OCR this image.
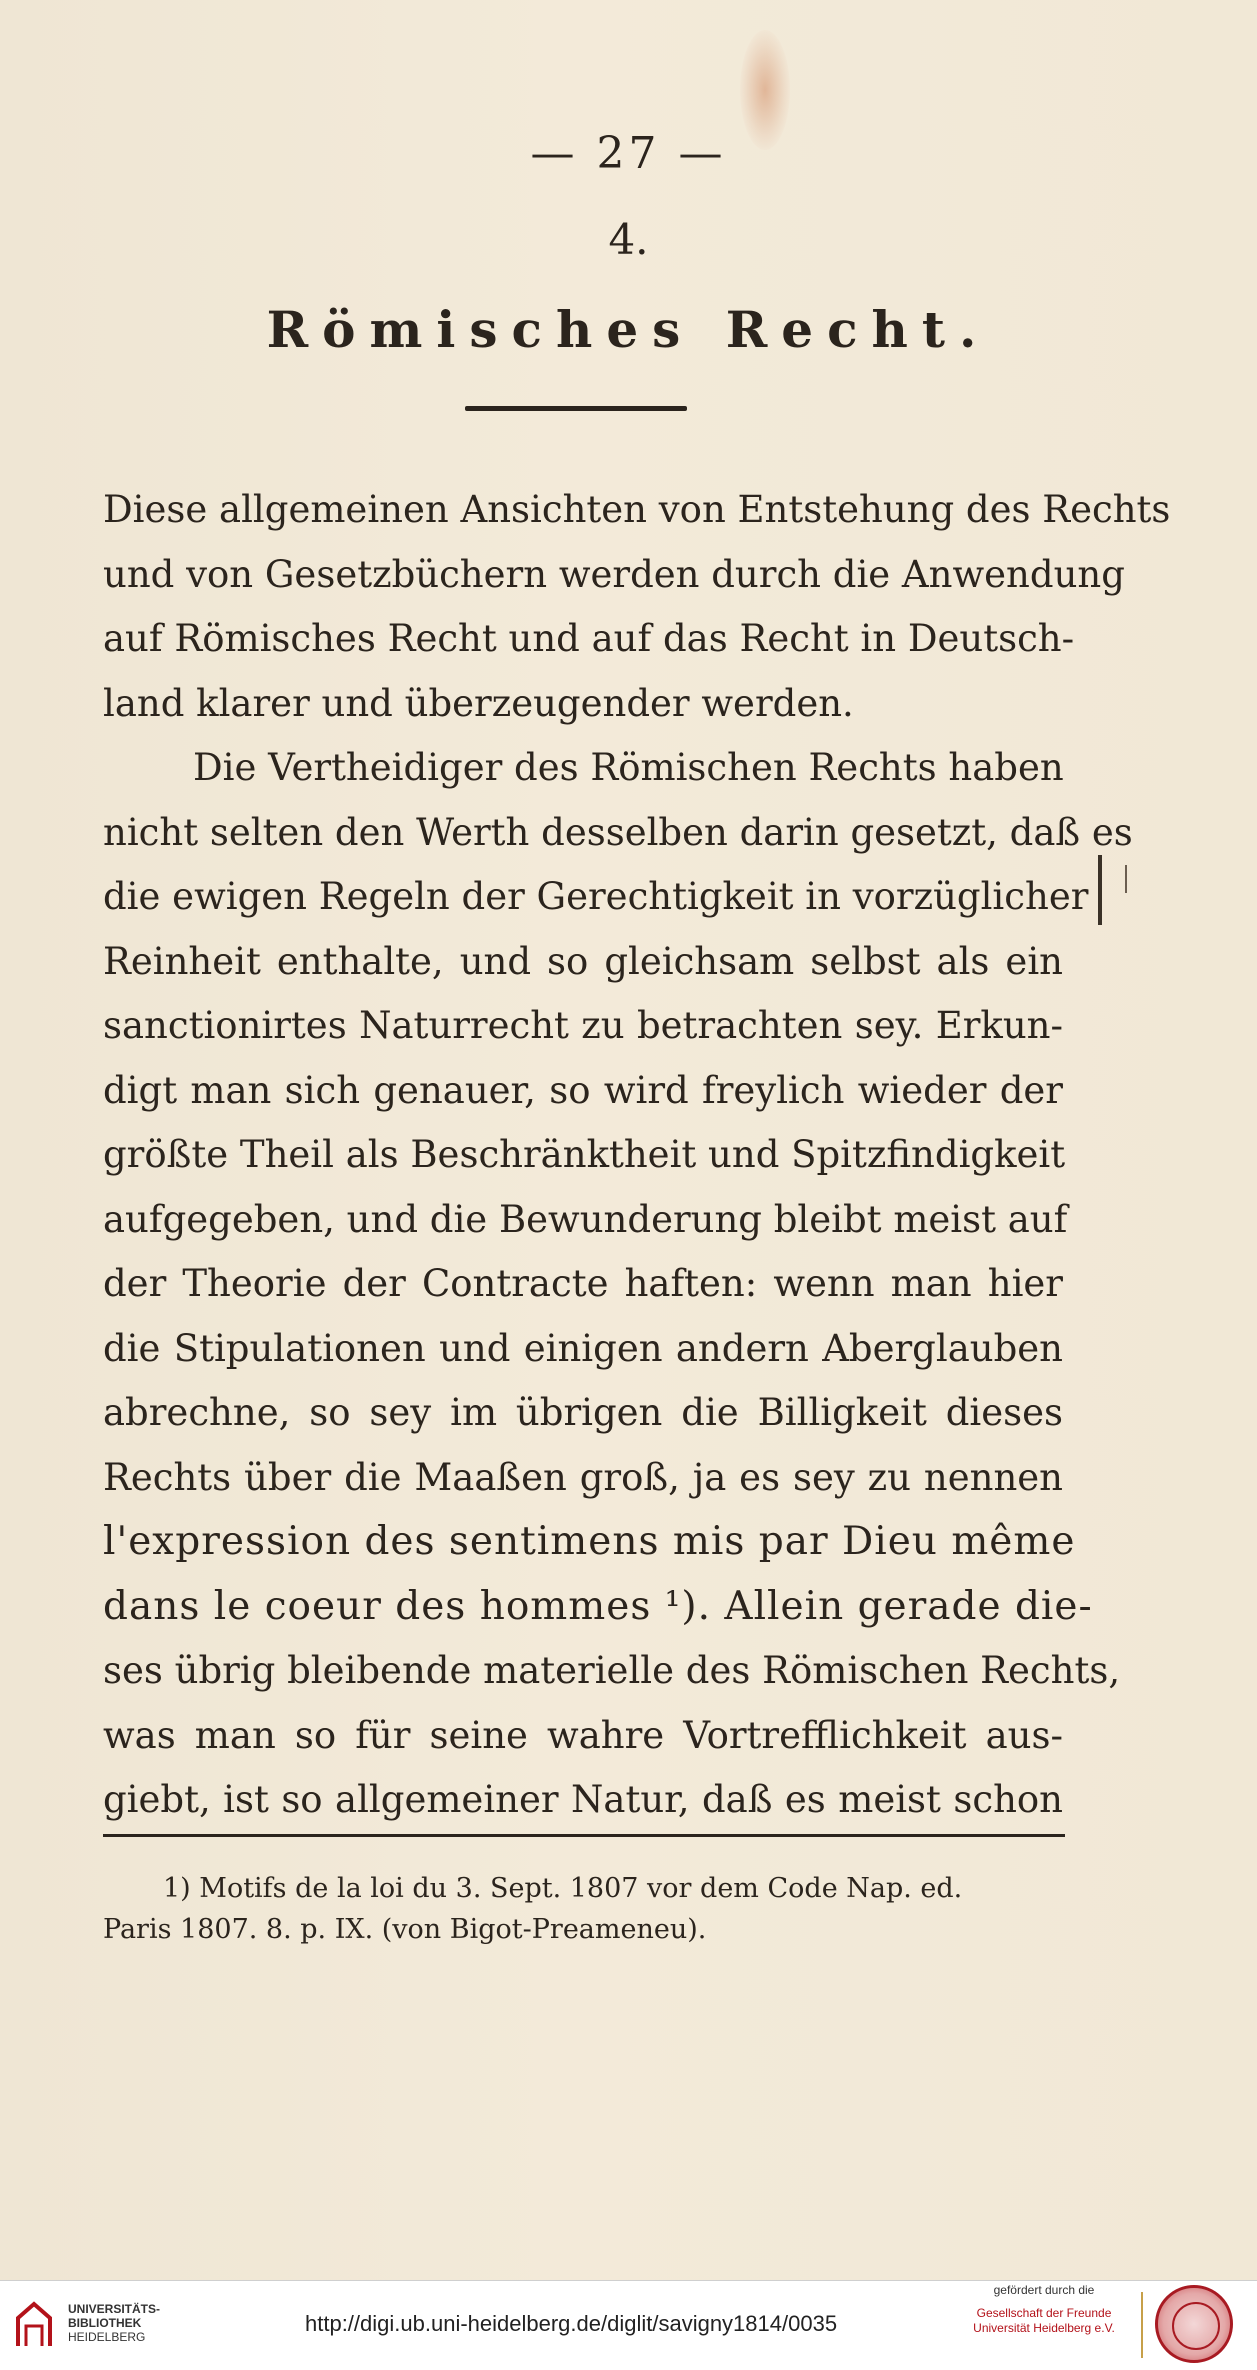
— 27 —
4.
Römisches Recht.
Diese allgemeinen Ansichten von Entstehung des Rechts
und von Gesetzbüchern werden durch die Anwendung
auf Römisches Recht und auf das Recht in Deutsch-
land klarer und überzeugender werden.
Die Vertheidiger des Römischen Rechts haben
nicht selten den Werth desselben darin gesetzt, daß es
die ewigen Regeln der Gerechtigkeit in vorzüglicher
Reinheit enthalte, und so gleichsam selbst als ein
sanctionirtes Naturrecht zu betrachten sey. Erkun-
digt man sich genauer, so wird freylich wieder der
größte Theil als Beschränktheit und Spitzfindigkeit
aufgegeben, und die Bewunderung bleibt meist auf
der Theorie der Contracte haften: wenn man hier
die Stipulationen und einigen andern Aberglauben
abrechne, so sey im übrigen die Billigkeit dieses
Rechts über die Maaßen groß, ja es sey zu nennen
l'expression des sentimens mis par Dieu même
dans le coeur des hommes ¹). Allein gerade die-
ses übrig bleibende materielle des Römischen Rechts,
was man so für seine wahre Vortrefflichkeit aus-
giebt, ist so allgemeiner Natur, daß es meist schon
1) Motifs de la loi du 3. Sept. 1807 vor dem Code Nap. ed.
Paris 1807. 8. p. IX. (von Bigot-Preameneu).
UNIVERSITÄTS-
BIBLIOTHEK
HEIDELBERG
http://digi.ub.uni-heidelberg.de/diglit/savigny1814/0035
gefördert durch die
Gesellschaft der Freunde
Universität Heidelberg e.V.
